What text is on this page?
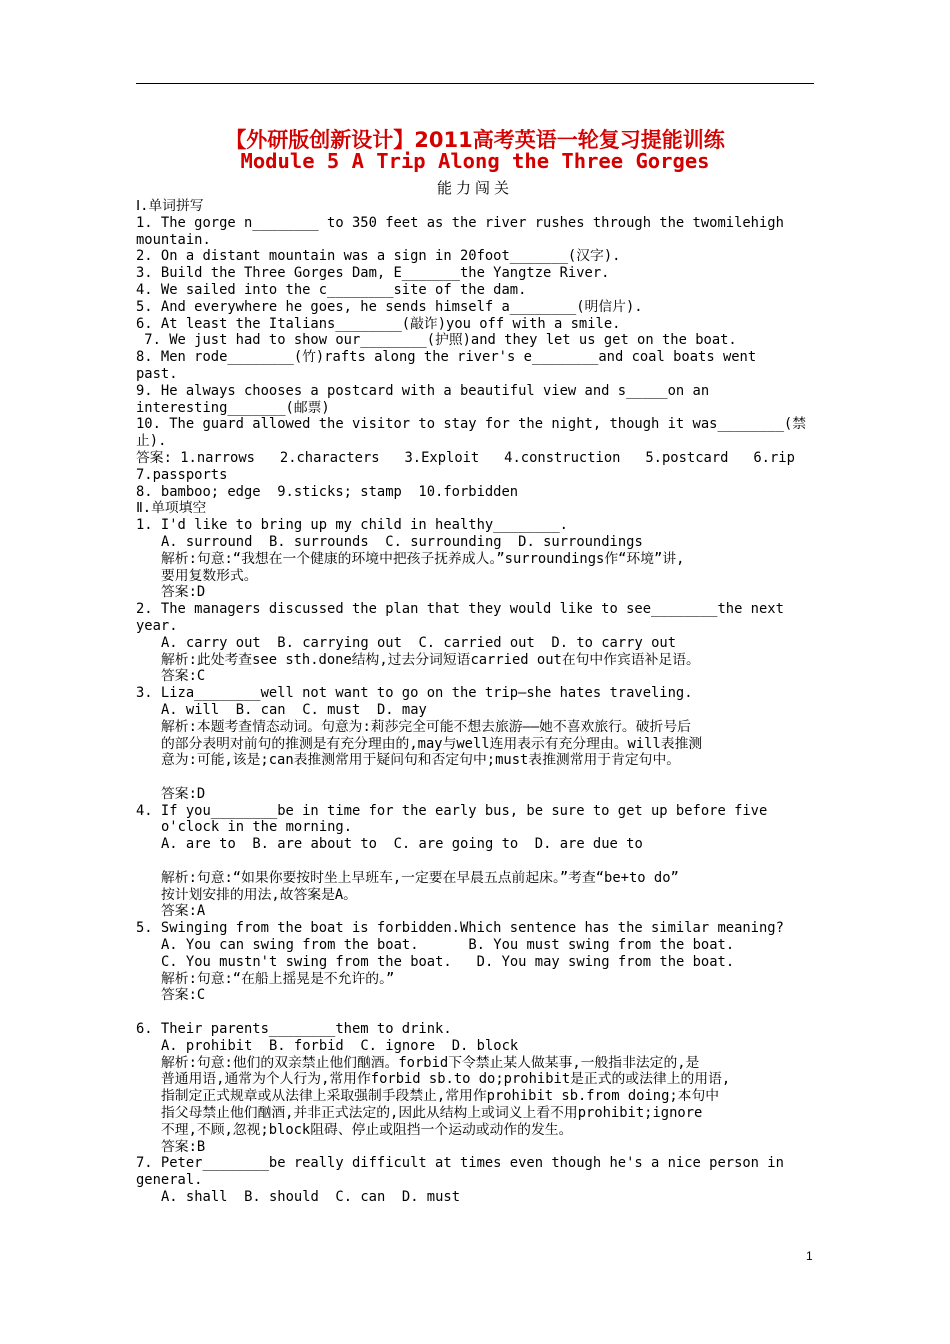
【外研版创新设计】2011高考英语一轮复习提能训练
Module 5 A Trip Along the Three Gorges
能力闯关
Ⅰ.单词拼写
1. The gorge n________ to 350 feet as the river rushes through the twomilehigh
mountain.
2. On a distant mountain was a sign in 20foot_______(汉字).
3. Build the Three Gorges Dam, E_______the Yangtze River.
4. We sailed into the c________site of the dam.
5. And everywhere he goes, he sends himself a________(明信片).
6. At least the Italians________(敲诈)you off with a smile.
7. We just had to show our________(护照)and they let us get on the boat.
8. Men rode________(竹)rafts along the river's e________and coal boats went
past.
9. He always chooses a postcard with a beautiful view and s_____on an
interesting_______(邮票)
10. The guard allowed the visitor to stay for the night, though it was________(禁
止).
答案: 1.narrows   2.characters   3.Exploit   4.construction   5.postcard   6.rip
7.passports
8. bamboo; edge  9.sticks; stamp  10.forbidden
Ⅱ.单项填空
1. I'd like to bring up my child in healthy________.
A. surround  B. surrounds  C. surrounding  D. surroundings
解析:句意:“我想在一个健康的环境中把孩子抚养成人。”surroundings作“环境”讲,
要用复数形式。
答案:D
2. The managers discussed the plan that they would like to see________the next
year.
A. carry out  B. carrying out  C. carried out  D. to carry out
解析:此处考查see sth.done结构,过去分词短语carried out在句中作宾语补足语。
答案:C
3. Liza________well not want to go on the trip—she hates traveling.
A. will  B. can  C. must  D. may
解析:本题考查情态动词。句意为:莉莎完全可能不想去旅游——她不喜欢旅行。破折号后
的部分表明对前句的推测是有充分理由的,may与well连用表示有充分理由。will表推测
意为:可能,该是;can表推测常用于疑问句和否定句中;must表推测常用于肯定句中。
答案:D
4. If you________be in time for the early bus, be sure to get up before five
o'clock in the morning.
A. are to  B. are about to  C. are going to  D. are due to
解析:句意:“如果你要按时坐上早班车,一定要在早晨五点前起床。”考查“be+to do”
按计划安排的用法,故答案是A。
答案:A
5. Swinging from the boat is forbidden.Which sentence has the similar meaning?
A. You can swing from the boat.      B. You must swing from the boat.
C. You mustn't swing from the boat.   D. You may swing from the boat.
解析:句意:“在船上摇晃是不允许的。”
答案:C
6. Their parents________them to drink.
A. prohibit  B. forbid  C. ignore  D. block
解析:句意:他们的双亲禁止他们酗酒。forbid下令禁止某人做某事,一般指非法定的,是
普通用语,通常为个人行为,常用作forbid sb.to do;prohibit是正式的或法律上的用语,
指制定正式规章或从法律上采取强制手段禁止,常用作prohibit sb.from doing;本句中
指父母禁止他们酗酒,并非正式法定的,因此从结构上或词义上看不用prohibit;ignore
不理,不顾,忽视;block阻碍、停止或阻挡一个运动或动作的发生。
答案:B
7. Peter________be really difficult at times even though he's a nice person in
general.
A. shall  B. should  C. can  D. must
1
